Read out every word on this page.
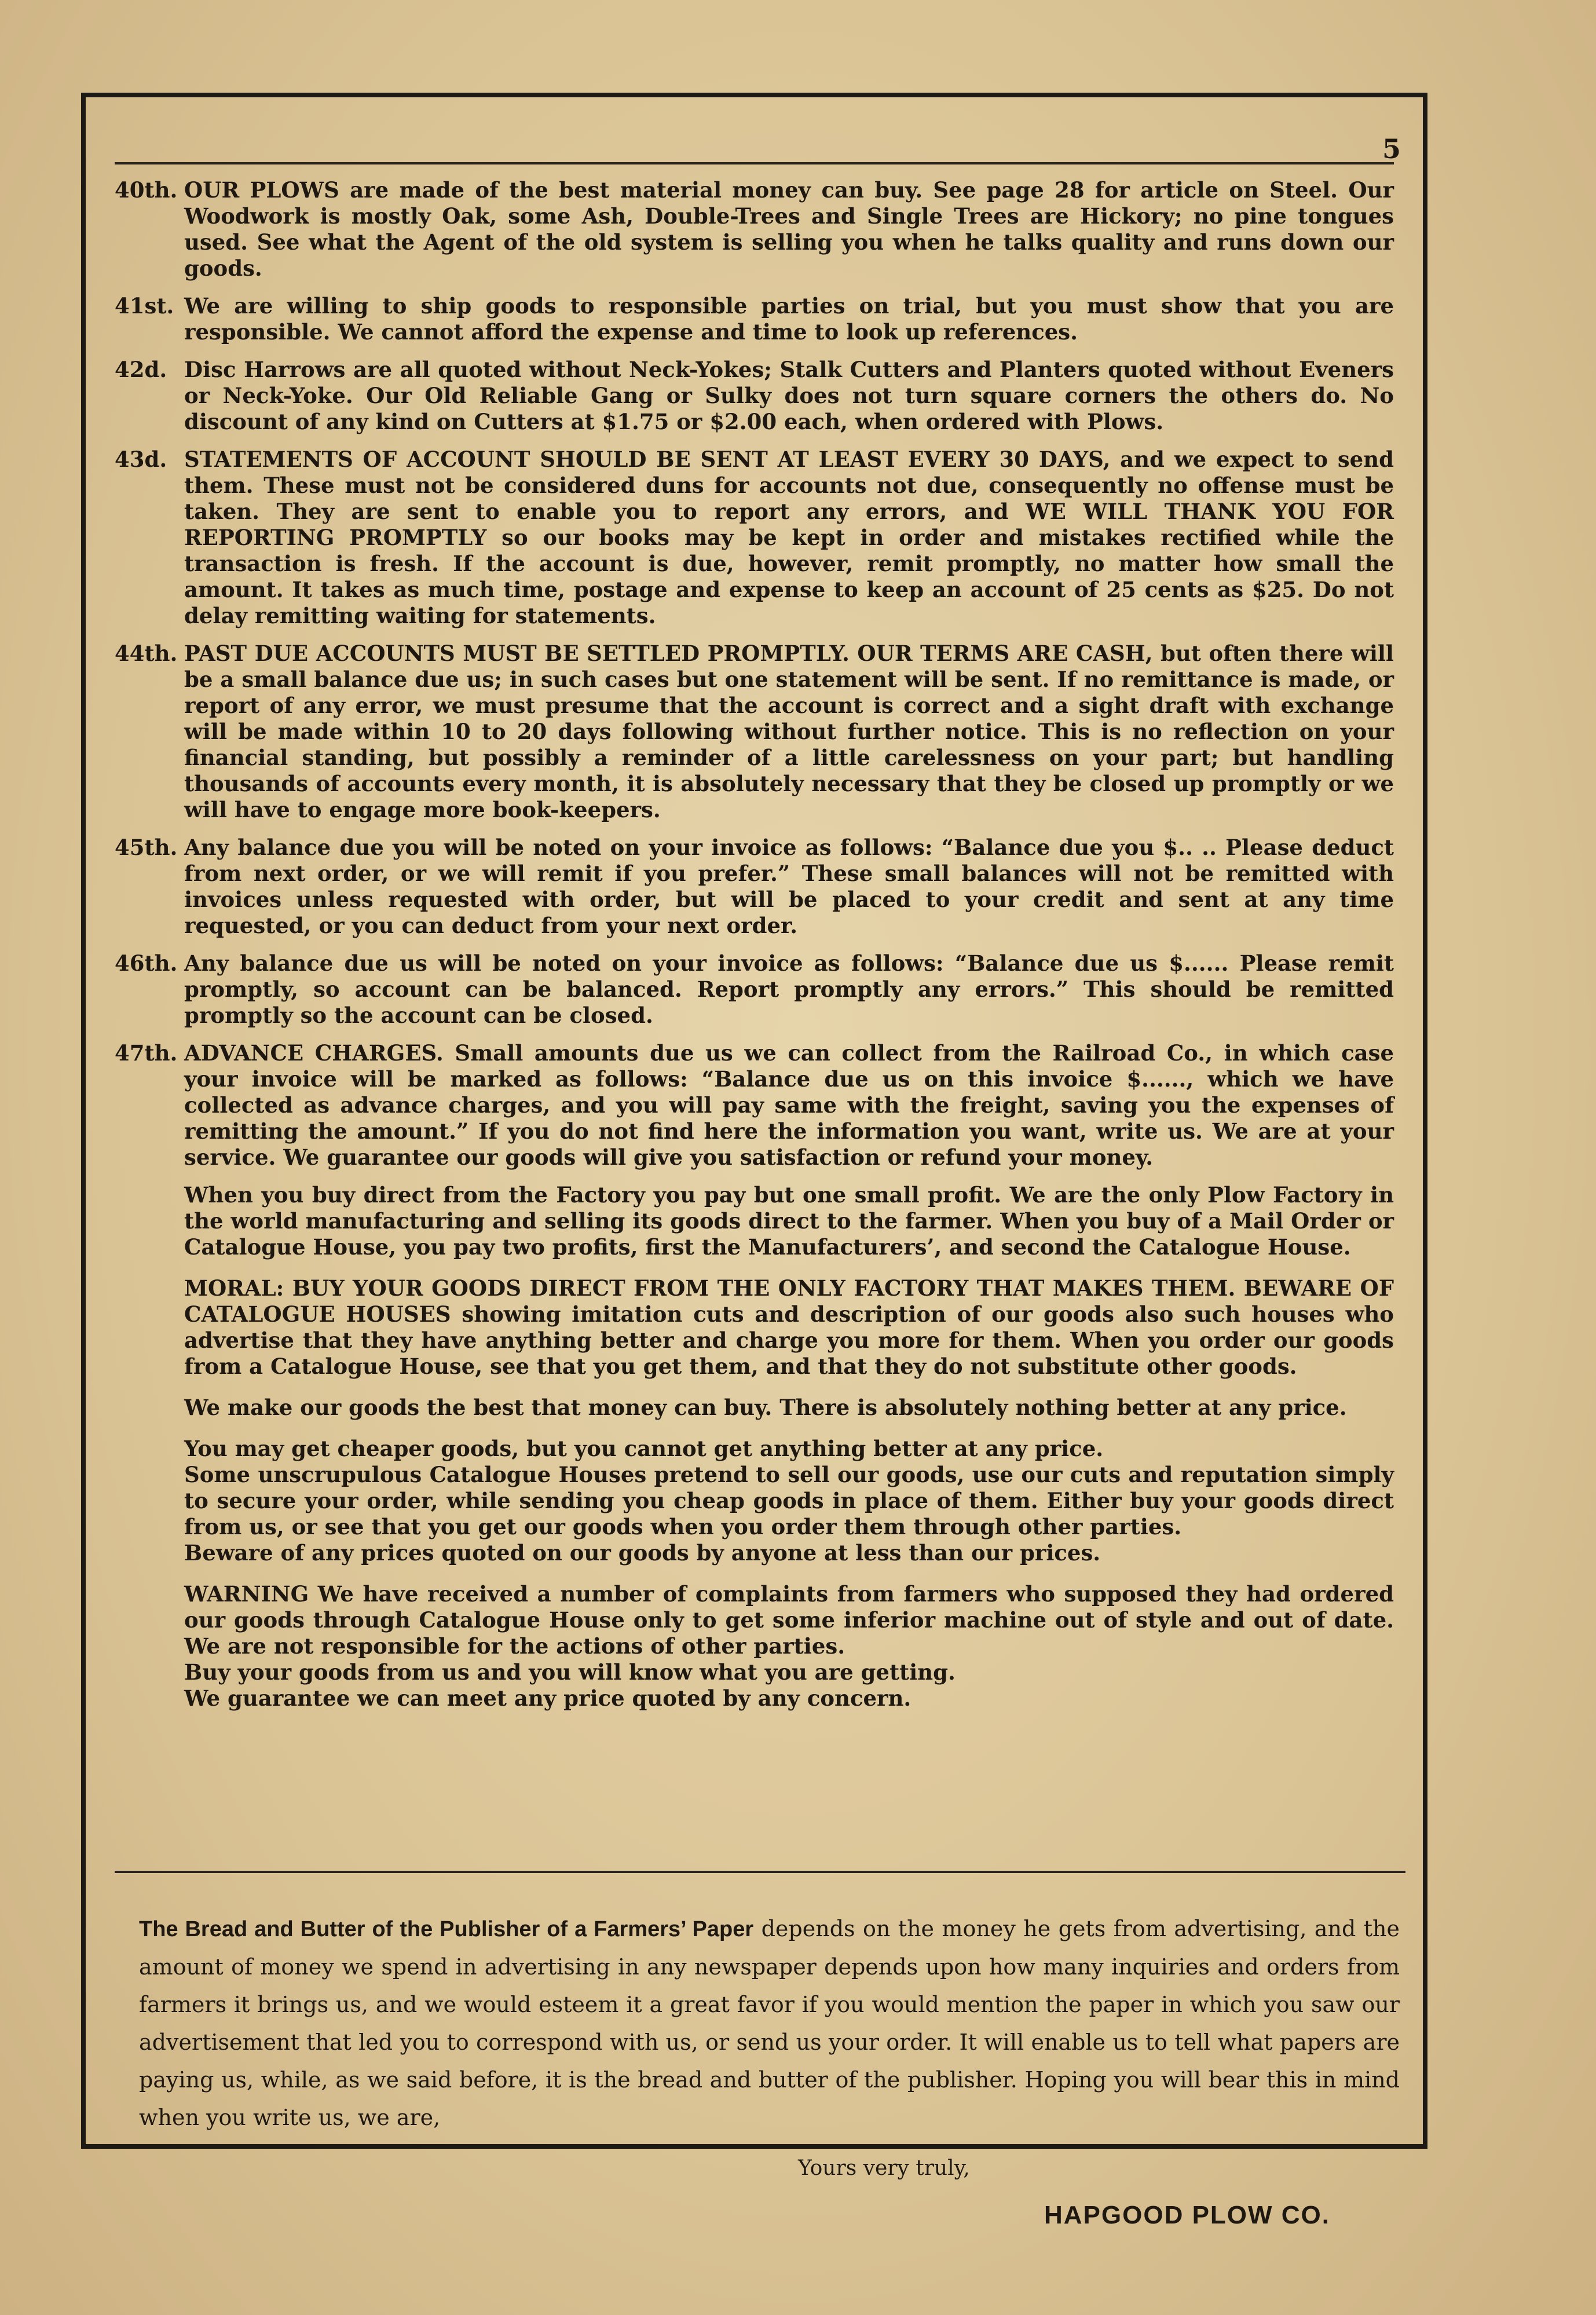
5
40th. OUR PLOWS are made of the best material money can buy. See page 28 for article on Steel. Our Woodwork is mostly Oak, some Ash, Double-Trees and Single Trees are Hickory; no pine tongues used. See what the Agent of the old system is selling you when he talks quality and runs down our goods.
41st. We are willing to ship goods to responsible parties on trial, but you must show that you are responsible. We cannot afford the expense and time to look up references.
42d. Disc Harrows are all quoted without Neck-Yokes; Stalk Cutters and Planters quoted without Eveners or Neck-Yoke. Our Old Reliable Gang or Sulky does not turn square corners the others do. No discount of any kind on Cutters at $1.75 or $2.00 each, when ordered with Plows.
43d. STATEMENTS OF ACCOUNT SHOULD BE SENT AT LEAST EVERY 30 DAYS, and we expect to send them. These must not be considered duns for accounts not due, consequently no offense must be taken. They are sent to enable you to report any errors, and WE WILL THANK YOU FOR REPORTING PROMPTLY so our books may be kept in order and mistakes rectified while the transaction is fresh. If the account is due, however, remit promptly, no matter how small the amount. It takes as much time, postage and expense to keep an account of 25 cents as $25. Do not delay remitting waiting for statements.
44th. PAST DUE ACCOUNTS MUST BE SETTLED PROMPTLY. OUR TERMS ARE CASH, but often there will be a small balance due us; in such cases but one statement will be sent. If no remittance is made, or report of any error, we must presume that the account is correct and a sight draft with exchange will be made within 10 to 20 days following without further notice. This is no reflection on your financial standing, but possibly a reminder of a little carelessness on your part; but handling thousands of accounts every month, it is absolutely necessary that they be closed up promptly or we will have to engage more book-keepers.
45th. Any balance due you will be noted on your invoice as follows: “Balance due you $.. .. Please deduct from next order, or we will remit if you prefer.” These small balances will not be remitted with invoices unless requested with order, but will be placed to your credit and sent at any time requested, or you can deduct from your next order.
46th. Any balance due us will be noted on your invoice as follows: “Balance due us $...... Please remit promptly, so account can be balanced. Report promptly any errors.” This should be remitted promptly so the account can be closed.
47th. ADVANCE CHARGES. Small amounts due us we can collect from the Railroad Co., in which case your invoice will be marked as follows: “Balance due us on this invoice $......, which we have collected as advance charges, and you will pay same with the freight, saving you the expenses of remitting the amount.” If you do not find here the information you want, write us. We are at your service. We guarantee our goods will give you satisfaction or refund your money.

When you buy direct from the Factory you pay but one small profit. We are the only Plow Factory in the world manufacturing and selling its goods direct to the farmer. When you buy of a Mail Order or Catalogue House, you pay two profits, first the Manufacturers’, and second the Catalogue House.

MORAL: BUY YOUR GOODS DIRECT FROM THE ONLY FACTORY THAT MAKES THEM. BEWARE OF CATALOGUE HOUSES showing imitation cuts and description of our goods also such houses who advertise that they have anything better and charge you more for them. When you order our goods from a Catalogue House, see that you get them, and that they do not substitute other goods.

We make our goods the best that money can buy. There is absolutely nothing better at any price.

You may get cheaper goods, but you cannot get anything better at any price.

Some unscrupulous Catalogue Houses pretend to sell our goods, use our cuts and reputation simply to secure your order, while sending you cheap goods in place of them. Either buy your goods direct from us, or see that you get our goods when you order them through other parties.

Beware of any prices quoted on our goods by anyone at less than our prices.

WARNING We have received a number of complaints from farmers who supposed they had ordered our goods through Catalogue House only to get some inferior machine out of style and out of date. We are not responsible for the actions of other parties.

Buy your goods from us and you will know what you are getting.

We guarantee we can meet any price quoted by any concern.

The Bread and Butter of the Publisher of a Farmers’ Paper depends on the money he gets from advertising, and the amount of money we spend in advertising in any newspaper depends upon how many inquiries and orders from farmers it brings us, and we would esteem it a great favor if you would mention the paper in which you saw our advertisement that led you to correspond with us, or send us your order. It will enable us to tell what papers are paying us, while, as we said before, it is the bread and butter of the publisher. Hoping you will bear this in mind when you write us, we are,
Yours very truly,
HAPGOOD PLOW CO.
